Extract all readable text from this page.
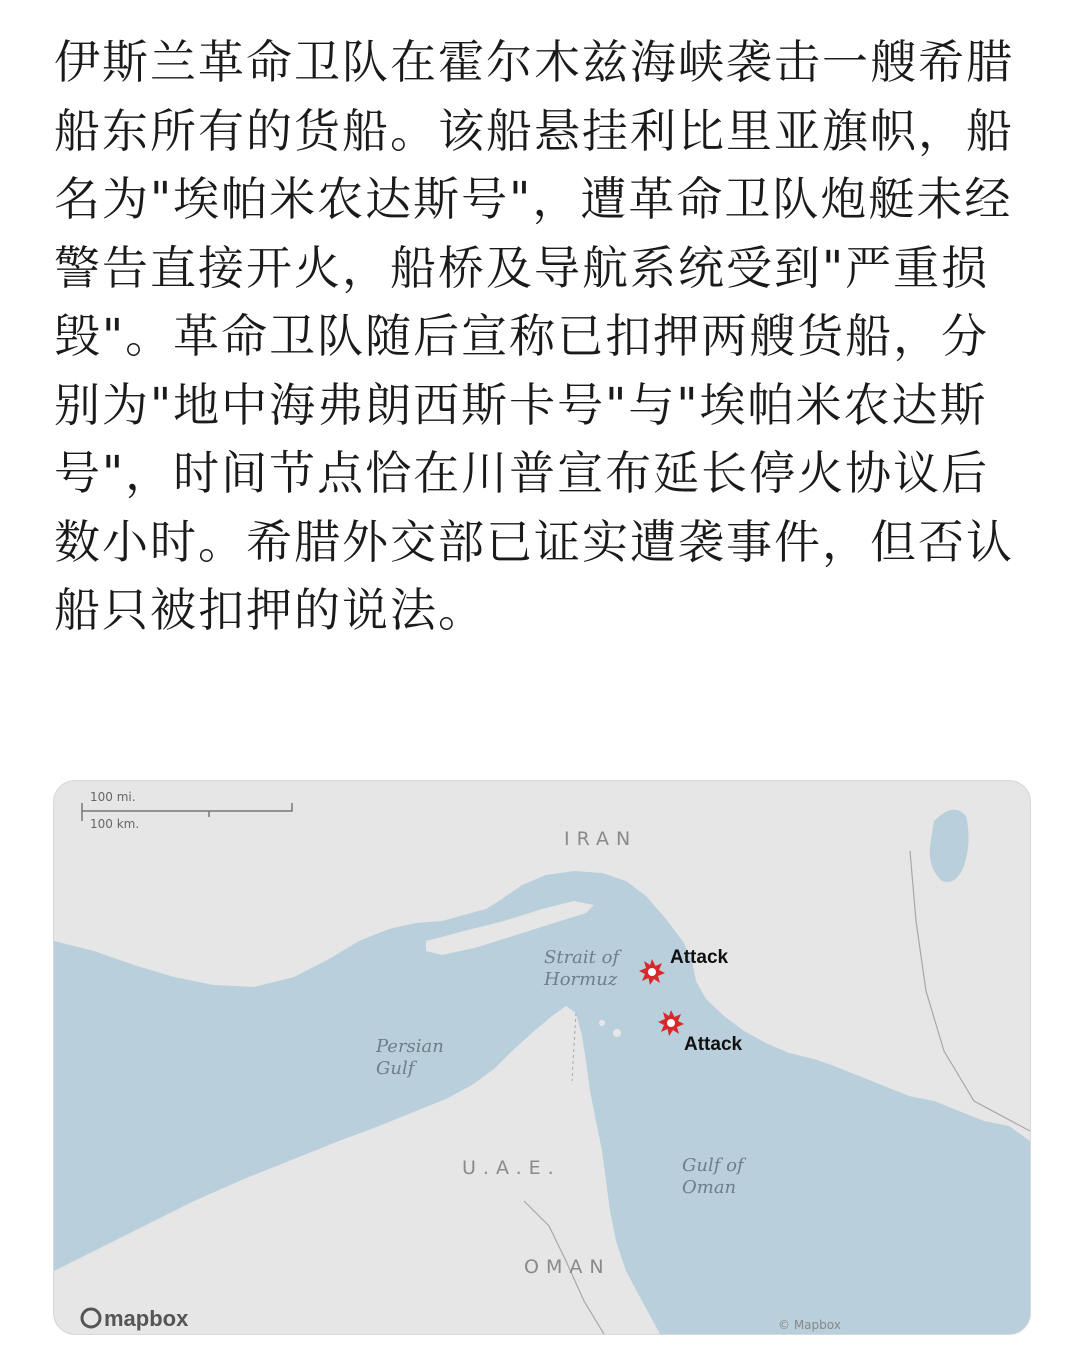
伊斯兰革命卫队在霍尔木兹海峡袭击一艘希腊船东所有的货船。该船悬挂利比里亚旗帜，船名为"埃帕米农达斯号"，遭革命卫队炮艇未经警告直接开火，船桥及导航系统受到"严重损毁"。革命卫队随后宣称已扣押两艘货船，分别为"地中海弗朗西斯卡号"与"埃帕米农达斯号"，时间节点恰在川普宣布延长停火协议后数小时。希腊外交部已证实遭袭事件，但否认船只被扣押的说法。

100 mi.
100 km.
IRAN
U.A.E.
OMAN
Strait of
Hormuz
Persian
Gulf
Gulf of
Oman
Attack
Attack
mapbox	© Mapbox
